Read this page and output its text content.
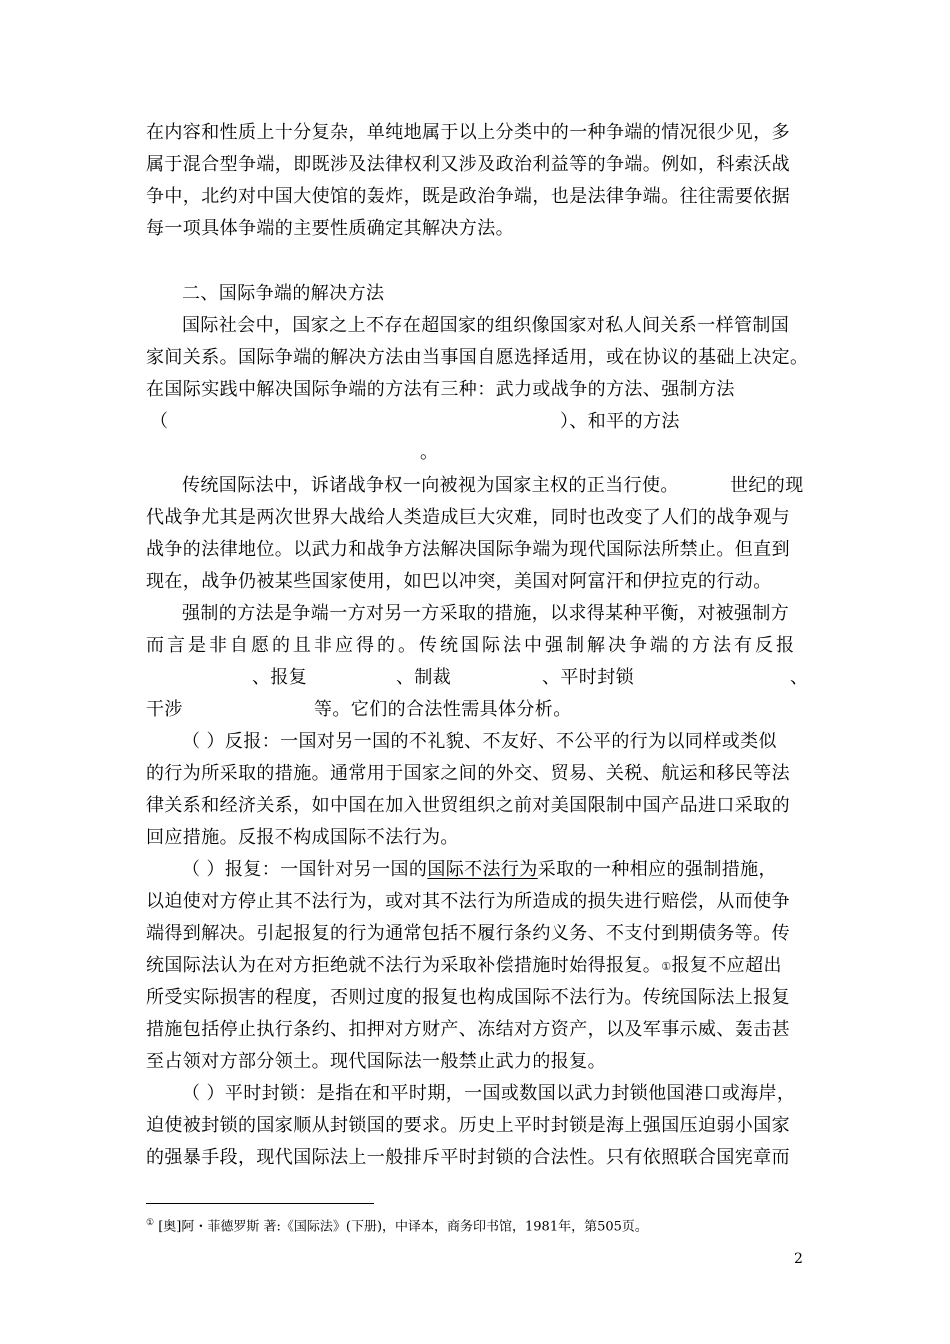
在内容和性质上十分复杂，单纯地属于以上分类中的一种争端的情况很少见，多
属于混合型争端，即既涉及法律权利又涉及政治利益等的争端。例如，科索沃战
争中，北约对中国大使馆的轰炸，既是政治争端，也是法律争端。往往需要依据
每一项具体争端的主要性质确定其解决方法。
二、国际争端的解决方法
国际社会中，国家之上不存在超国家的组织像国家对私人间关系一样管制国
家间关系。国际争端的解决方法由当事国自愿选择适用，或在协议的基础上决定。
在国际实践中解决国际争端的方法有三种：武力或战争的方法、强制方法
（	）、和平的方法
。
传统国际法中，诉诸战争权一向被视为国家主权的正当行使。	世纪的现
代战争尤其是两次世界大战给人类造成巨大灾难，同时也改变了人们的战争观与
战争的法律地位。以武力和战争方法解决国际争端为现代国际法所禁止。但直到
现在，战争仍被某些国家使用，如巴以冲突，美国对阿富汗和伊拉克的行动。
强制的方法是争端一方对另一方采取的措施，以求得某种平衡，对被强制方
而言是非自愿的且非应得的。传统国际法中强制解决争端的方法有反报
、报复	、制裁	、平时封锁	、
干涉	等。它们的合法性需具体分析。
（ ）反报：一国对另一国的不礼貌、不友好、不公平的行为以同样或类似
的行为所采取的措施。通常用于国家之间的外交、贸易、关税、航运和移民等法
律关系和经济关系，如中国在加入世贸组织之前对美国限制中国产品进口采取的
回应措施。反报不构成国际不法行为。
（ ）报复：一国针对另一国的国际不法行为采取的一种相应的强制措施，
以迫使对方停止其不法行为，或对其不法行为所造成的损失进行赔偿，从而使争
端得到解决。引起报复的行为通常包括不履行条约义务、不支付到期债务等。传
统国际法认为在对方拒绝就不法行为采取补偿措施时始得报复。①报复不应超出
所受实际损害的程度，否则过度的报复也构成国际不法行为。传统国际法上报复
措施包括停止执行条约、扣押对方财产、冻结对方资产，以及军事示威、轰击甚
至占领对方部分领土。现代国际法一般禁止武力的报复。
（ ）平时封锁：是指在和平时期，一国或数国以武力封锁他国港口或海岸，
迫使被封锁的国家顺从封锁国的要求。历史上平时封锁是海上强国压迫弱小国家
的强暴手段，现代国际法上一般排斥平时封锁的合法性。只有依照联合国宪章而
① [奥]阿・菲德罗斯 著:《国际法》(下册)，中译本，商务印书馆，1981年，第505页。
2
